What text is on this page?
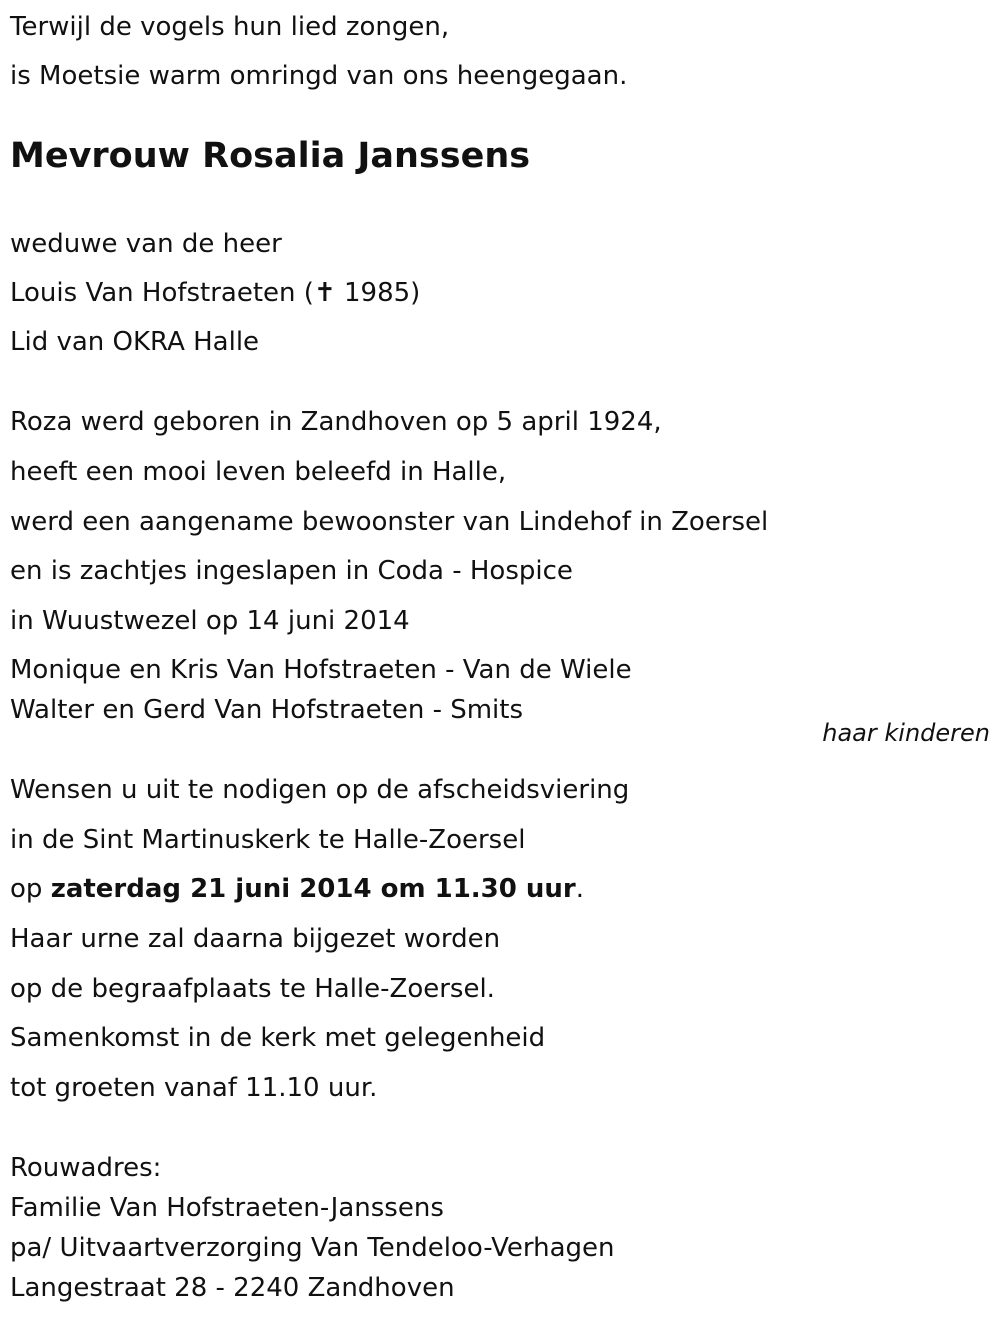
Terwijl de vogels hun lied zongen,

is Moetsie warm omringd van ons heengegaan.

Mevrouw Rosalia Janssens

weduwe van de heer

Louis Van Hofstraeten (✝ 1985)

Lid van OKRA Halle

Roza werd geboren in Zandhoven op 5 april 1924,

heeft een mooi leven beleefd in Halle,

werd een aangename bewoonster van Lindehof in Zoersel

en is zachtjes ingeslapen in Coda - Hospice

in Wuustwezel op 14 juni 2014

Monique en Kris Van Hofstraeten - Van de Wiele

Walter en Gerd Van Hofstraeten - Smits

haar kinderen

Wensen u uit te nodigen op de afscheidsviering

in de Sint Martinuskerk te Halle-Zoersel

op zaterdag 21 juni 2014 om 11.30 uur.

Haar urne zal daarna bijgezet worden

op de begraafplaats te Halle-Zoersel.

Samenkomst in de kerk met gelegenheid

tot groeten vanaf 11.10 uur.

Rouwadres:

Familie Van Hofstraeten-Janssens

pa/ Uitvaartverzorging Van Tendeloo-Verhagen

Langestraat 28 - 2240 Zandhoven
